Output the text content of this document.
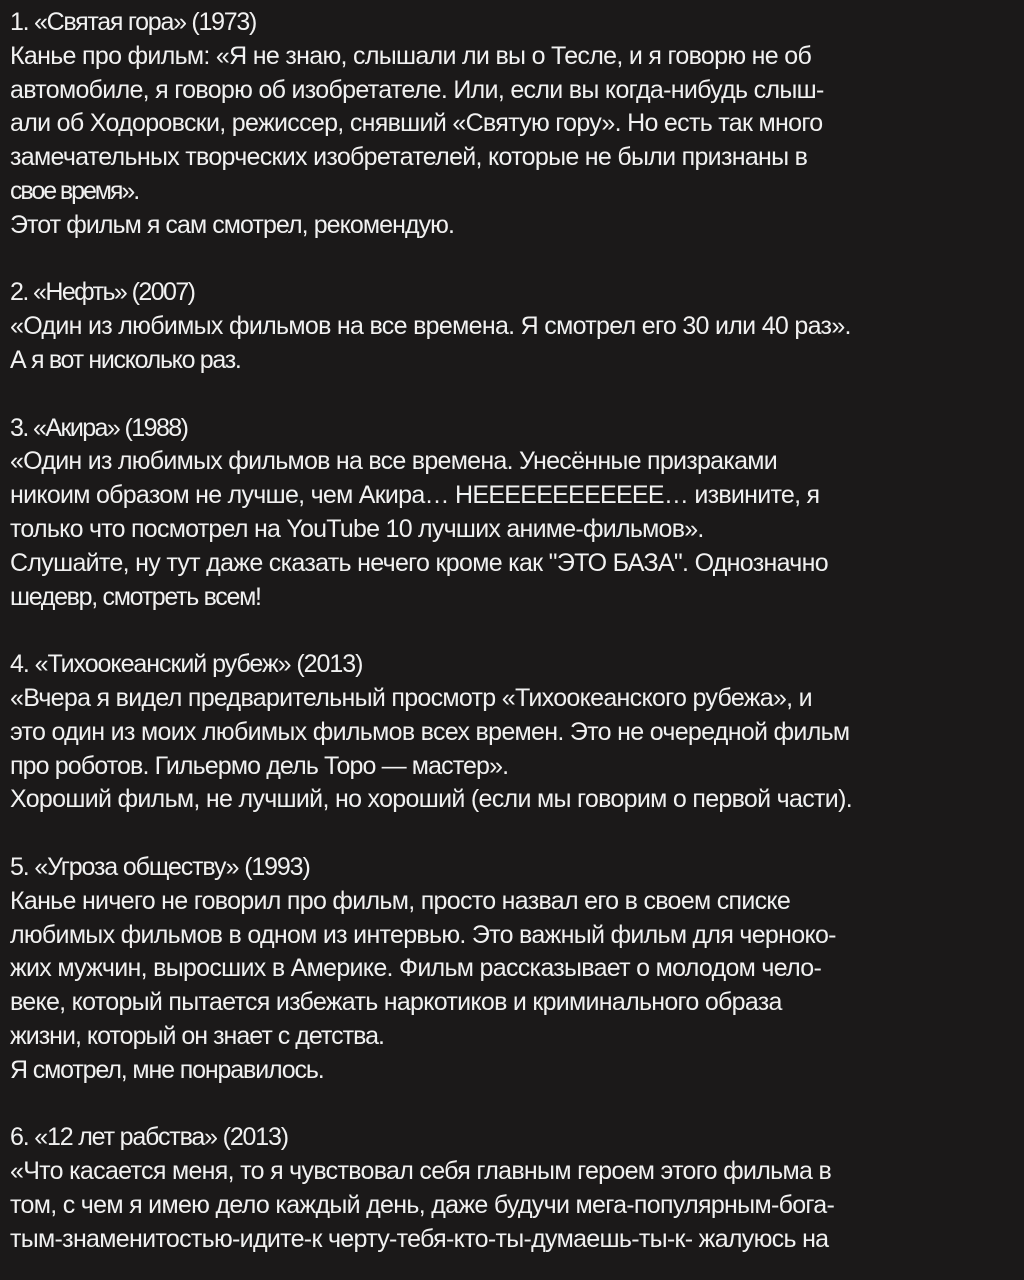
1. «Святая гора» (1973)
Канье про фильм: «Я не знаю, слышали ли вы о Тесле, и я говорю не об
автомобиле, я говорю об изобретателе. Или, если вы когда-нибудь слыш-
али об Ходоровски, режиссер, снявший «Святую гору». Но есть так много
замечательных творческих изобретателей, которые не были признаны в
свое время».
Этот фильм я сам смотрел, рекомендую.
2. «Нефть» (2007)
«Один из любимых фильмов на все времена. Я смотрел его 30 или 40 раз».
А я вот нисколько раз.
3. «Акира» (1988)
«Один из любимых фильмов на все времена. Унесённые призраками
никоим образом не лучше, чем Акира… НЕЕЕЕЕЕЕЕЕЕЕЕ… извините, я
только что посмотрел на YouTube 10 лучших аниме-фильмов».
Слушайте, ну тут даже сказать нечего кроме как "ЭТО БАЗА". Однозначно
шедевр, смотреть всем!
4. «Тихоокеанский рубеж» (2013)
«Вчера я видел предварительный просмотр «Тихоокеанского рубежа», и
это один из моих любимых фильмов всех времен. Это не очередной фильм
про роботов. Гильермо дель Торо — мастер».
Хороший фильм, не лучший, но хороший (если мы говорим о первой части).
5. «Угроза обществу» (1993)
Канье ничего не говорил про фильм, просто назвал его в своем списке
любимых фильмов в одном из интервью. Это важный фильм для черноко-
жих мужчин, выросших в Америке. Фильм рассказывает о молодом чело-
веке, который пытается избежать наркотиков и криминального образа
жизни, который он знает с детства.
Я смотрел, мне понравилось.
6. «12 лет рабства» (2013)
«Что касается меня, то я чувствовал себя главным героем этого фильма в
том, с чем я имею дело каждый день, даже будучи мега-популярным-бога-
тым-знаменитостью-идите-к черту-тебя-кто-ты-думаешь-ты-к- жалуюсь на
